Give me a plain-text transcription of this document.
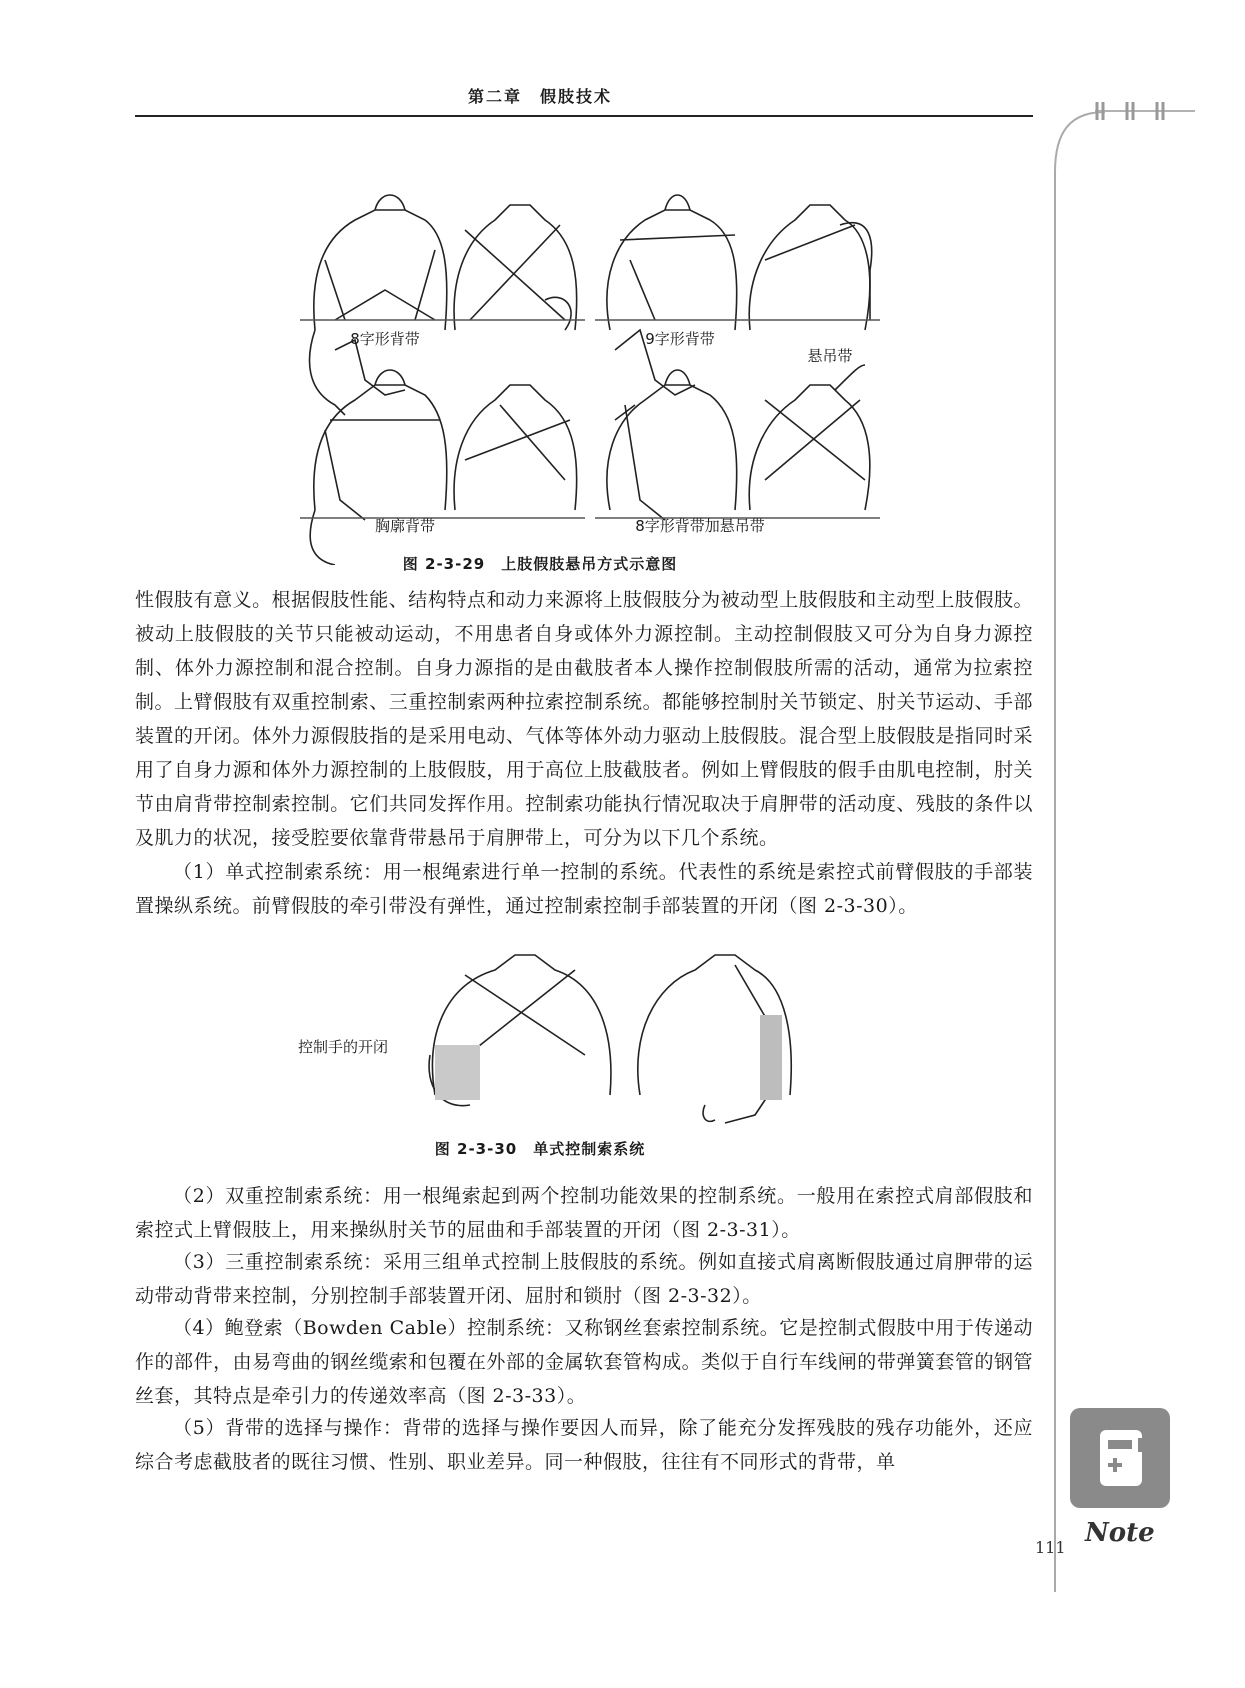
第二章　假肢技术
8字形背带	9字形背带
胸廓背带	8字形背带加悬吊带
悬吊带
图 2-3-29　上肢假肢悬吊方式示意图
性假肢有意义。根据假肢性能、结构特点和动力来源将上肢假肢分为被动型上肢假肢和主动型上肢假肢。被动上肢假肢的关节只能被动运动，不用患者自身或体外力源控制。主动控制假肢又可分为自身力源控制、体外力源控制和混合控制。自身力源指的是由截肢者本人操作控制假肢所需的活动，通常为拉索控制。上臂假肢有双重控制索、三重控制索两种拉索控制系统。都能够控制肘关节锁定、肘关节运动、手部装置的开闭。体外力源假肢指的是采用电动、气体等体外动力驱动上肢假肢。混合型上肢假肢是指同时采用了自身力源和体外力源控制的上肢假肢，用于高位上肢截肢者。例如上臂假肢的假手由肌电控制，肘关节由肩背带控制索控制。它们共同发挥作用。控制索功能执行情况取决于肩胛带的活动度、残肢的条件以及肌力的状况，接受腔要依靠背带悬吊于肩胛带上，可分为以下几个系统。
（1）单式控制索系统：用一根绳索进行单一控制的系统。代表性的系统是索控式前臂假肢的手部装置操纵系统。前臂假肢的牵引带没有弹性，通过控制索控制手部装置的开闭（图 2-3-30）。
控制手的开闭
图 2-3-30　单式控制索系统
（2）双重控制索系统：用一根绳索起到两个控制功能效果的控制系统。一般用在索控式肩部假肢和索控式上臂假肢上，用来操纵肘关节的屈曲和手部装置的开闭（图 2-3-31）。
（3）三重控制索系统：采用三组单式控制上肢假肢的系统。例如直接式肩离断假肢通过肩胛带的运动带动背带来控制，分别控制手部装置开闭、屈肘和锁肘（图 2-3-32）。
（4）鲍登索（Bowden Cable）控制系统：又称钢丝套索控制系统。它是控制式假肢中用于传递动作的部件，由易弯曲的钢丝缆索和包覆在外部的金属软套管构成。类似于自行车线闸的带弹簧套管的钢管丝套，其特点是牵引力的传递效率高（图 2-3-33）。
（5）背带的选择与操作：背带的选择与操作要因人而异，除了能充分发挥残肢的残存功能外，还应综合考虑截肢者的既往习惯、性别、职业差异。同一种假肢，往往有不同形式的背带，单
Note
111
